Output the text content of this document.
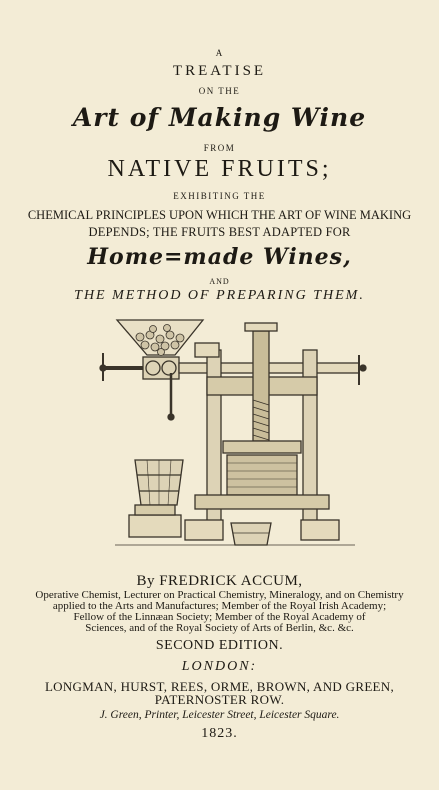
A
TREATISE
ON THE
Art of Making Wine
FROM
NATIVE FRUITS;
EXHIBITING THE
CHEMICAL PRINCIPLES UPON WHICH THE ART OF WINE MAKING
DEPENDS; THE FRUITS BEST ADAPTED FOR
Home=made Wines,
AND
THE METHOD OF PREPARING THEM.
By FREDRICK ACCUM,
Operative Chemist, Lecturer on Practical Chemistry, Mineralogy, and on Chemistry
applied to the Arts and Manufactures; Member of the Royal Irish Academy;
Fellow of the Linnæan Society; Member of the Royal Academy of
Sciences, and of the Royal Society of Arts of Berlin, &c. &c.
SECOND EDITION.
LONDON:
LONGMAN, HURST, REES, ORME, BROWN, AND GREEN,
PATERNOSTER ROW.
J. Green, Printer, Leicester Street, Leicester Square.
1823.
